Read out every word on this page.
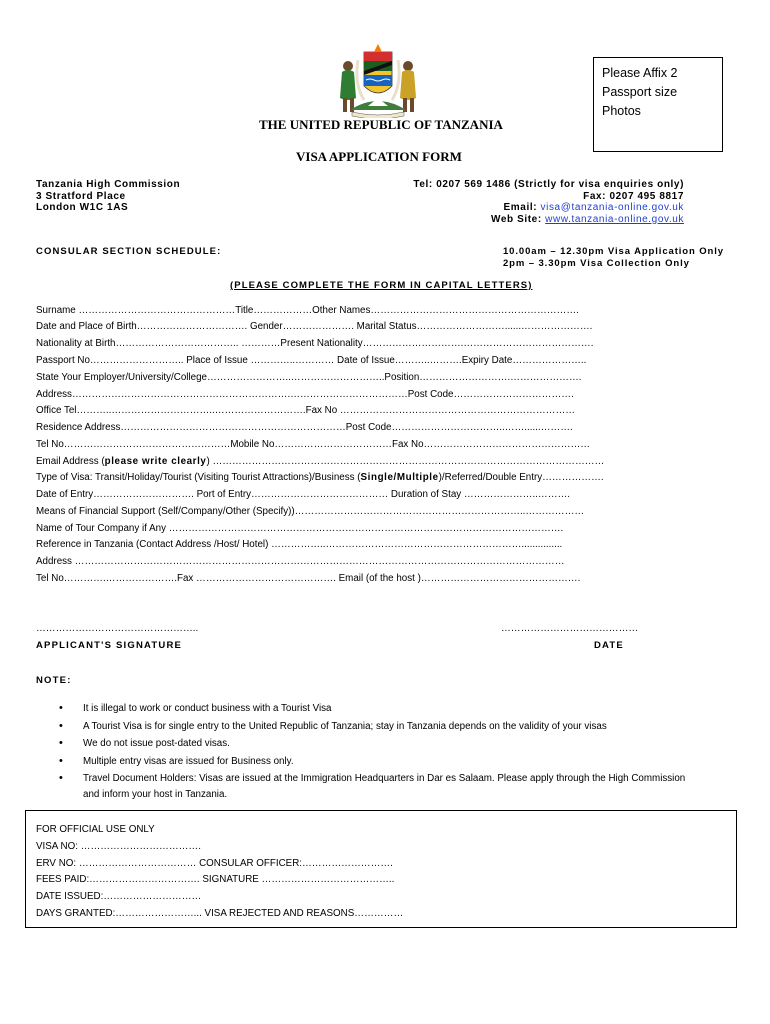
THE UNITED REPUBLIC OF TANZANIA
Please Affix 2
Passport size
Photos
VISA APPLICATION FORM
Tanzania High Commission
3 Stratford Place
London W1C 1AS
Tel: 0207 569 1486 (Strictly for visa enquiries only)
Fax: 0207 495 8817
Email: visa@tanzania-online.gov.uk
Web Site: www.tanzania-online.gov.uk
CONSULAR SECTION SCHEDULE:	10.00am – 12.30pm Visa Application Only
2pm – 3.30pm Visa Collection Only
(PLEASE COMPLETE THE FORM IN CAPITAL LETTERS)
Surname …………………………………………Title………………Other Names……………………………………………………….
Date and Place of Birth……………………………. Gender…………………. Marital Status………………………......………………….
Nationality at Birth……………………………….. …………Present Nationality………………………….………………………………….
Passport No……………………….. Place of Issue …………..………… Date of Issue………..……….Expiry Date…………………..
State Your Employer/University/College……………………..………………………..Position……………………….………………….
Address………………………………………………………….………………………………Post Code……………………………….
Office Tel………..…………………………..……………………….Fax No ………………………………………………………………
Residence Address……………………………………………………………Post Code……………………………..……......……….
Tel No……………………………………………Mobile No………………………………Fax No……………………………………………
Email Address (please write clearly) …………………………………………………………………………………………………………
Type of Visa: Transit/Holiday/Tourist (Visiting Tourist Attractions)/Business (Single/Multiple)/Referred/Double Entry……………….
Date of Entry…………………………. Port of Entry…………………………………… Duration of Stay …………………..……….
Means of Financial Support (Self/Company/Other (Specify))……………………………………………………………..………………
Name of Tour Company if Any ………………………………………………………………………………………………………….
Reference in Tanzania (Contact Address /Host/ Hotel) ……………..……………………………………………………...............
Address ……………………………………………………………………………………………………………………………………
Tel No………….………………….Fax ……………………………………. Email (of the host )………………………………………….
…………………………………………..	……………………………………
APPLICANT'S SIGNATURE	DATE
NOTE:
• It is illegal to work or conduct business with a Tourist Visa
• A Tourist Visa is for single entry to the United Republic of Tanzania; stay in Tanzania depends on the validity of your visas
• We do not issue post-dated visas.
• Multiple entry visas are issued for Business only.
• Travel Document Holders: Visas are issued at the Immigration Headquarters in Dar es Salaam. Please apply through the High Commission
and inform your host in Tanzania.
FOR OFFICIAL USE ONLY
VISA NO: ……………………………….
ERV NO: ……………………………… CONSULAR OFFICER:……………………….
FEES PAID:……………………………. SIGNATURE …………………………………..
DATE ISSUED:…………………………
DAYS GRANTED:……………………... VISA REJECTED AND REASONS……………
